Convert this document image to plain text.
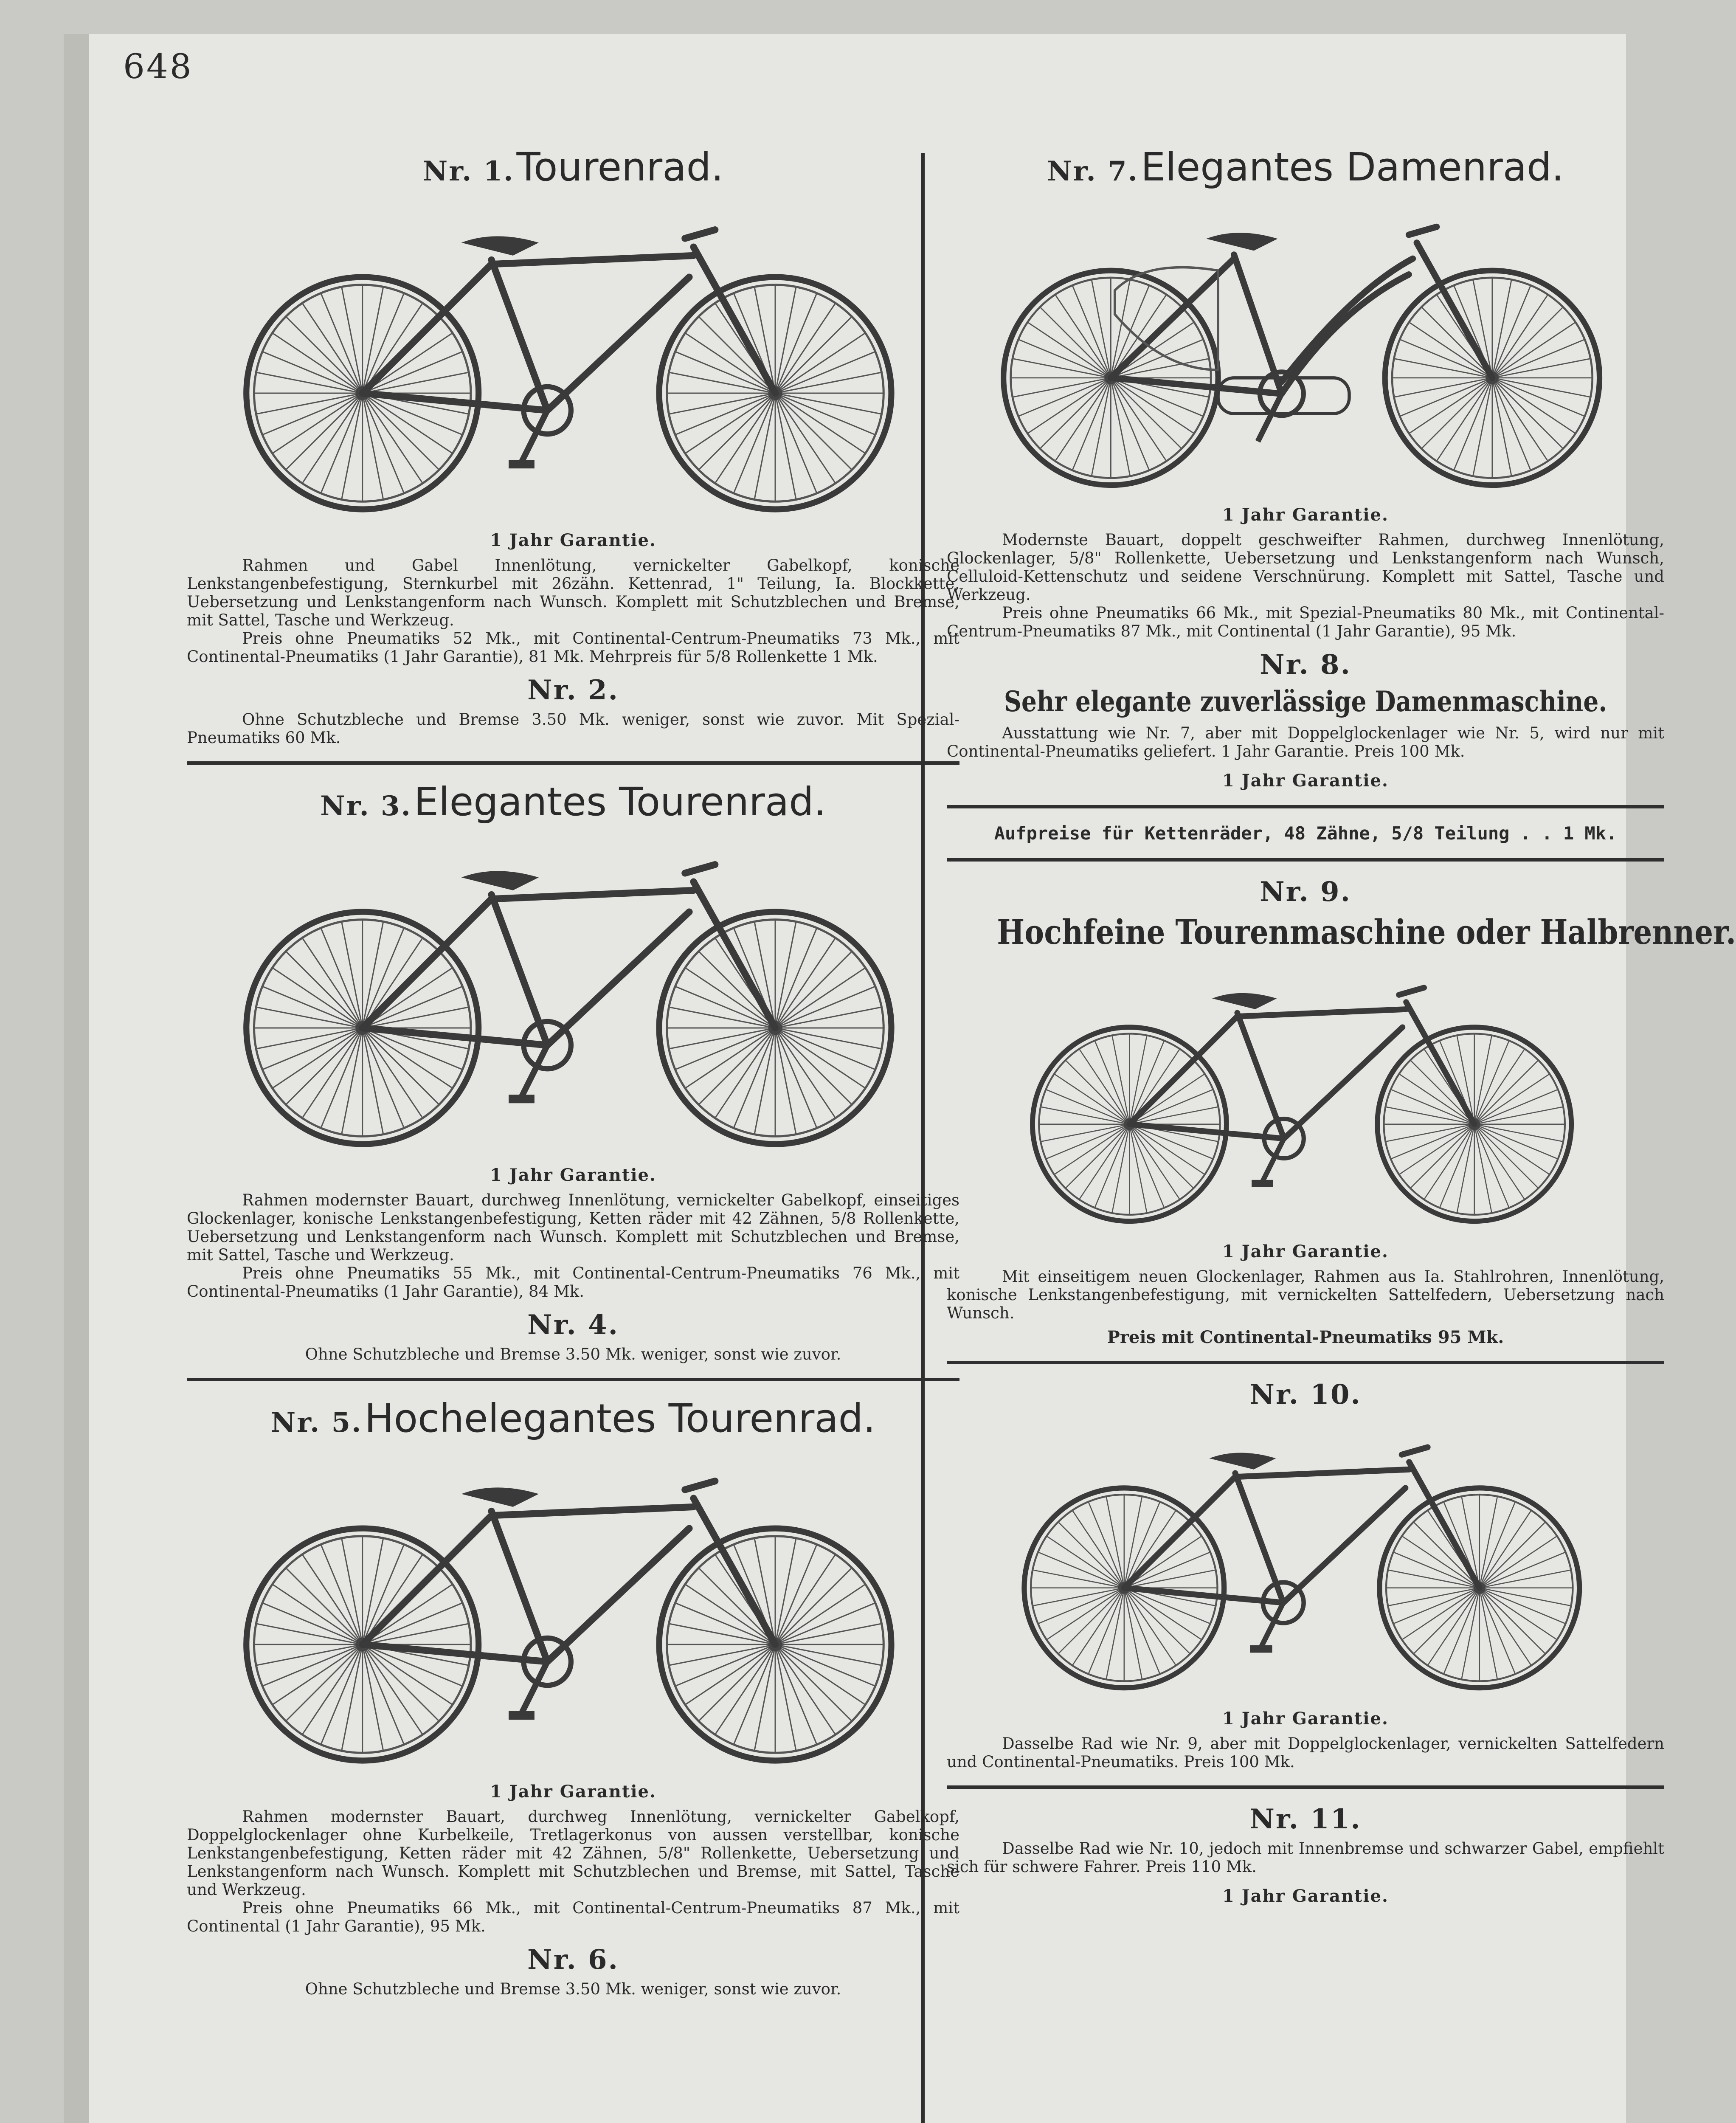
648
Nr. 1. Tourenrad.
1 Jahr Garantie.

Rahmen und Gabel Innenlötung, vernickelter Gabelkopf, konische Lenkstangenbefestigung, Sternkurbel mit 26zähn. Kettenrad, 1" Teilung, Ia. Blockkette, Uebersetzung und Lenkstangenform nach Wunsch. Komplett mit Schutzblechen und Bremse, mit Sattel, Tasche und Werkzeug.

Preis ohne Pneumatiks 52 Mk., mit Continental-Centrum-Pneumatiks 73 Mk., mit Continental-Pneumatiks (1 Jahr Garantie), 81 Mk. Mehrpreis für 5/8 Rollenkette 1 Mk.

Nr. 2.

Ohne Schutzbleche und Bremse 3.50 Mk. weniger, sonst wie zuvor. Mit Spezial-Pneumatiks 60 Mk.

Nr. 3. Elegantes Tourenrad.
1 Jahr Garantie.

Rahmen modernster Bauart, durchweg Innenlötung, vernickelter Gabelkopf, einseitiges Glockenlager, konische Lenkstangenbefestigung, Ketten räder mit 42 Zähnen, 5/8 Rollenkette, Uebersetzung und Lenkstangenform nach Wunsch. Komplett mit Schutzblechen und Bremse, mit Sattel, Tasche und Werkzeug.

Preis ohne Pneumatiks 55 Mk., mit Continental-Centrum-Pneumatiks 76 Mk., mit Continental-Pneumatiks (1 Jahr Garantie), 84 Mk.

Nr. 4.

Ohne Schutzbleche und Bremse 3.50 Mk. weniger, sonst wie zuvor.

Nr. 5. Hochelegantes Tourenrad.
1 Jahr Garantie.

Rahmen modernster Bauart, durchweg Innenlötung, vernickelter Gabelkopf, Doppelglockenlager ohne Kurbelkeile, Tretlagerkonus von aussen verstellbar, konische Lenkstangenbefestigung, Ketten räder mit 42 Zähnen, 5/8" Rollenkette, Uebersetzung und Lenkstangenform nach Wunsch. Komplett mit Schutzblechen und Bremse, mit Sattel, Tasche und Werkzeug.

Preis ohne Pneumatiks 66 Mk., mit Continental-Centrum-Pneumatiks 87 Mk., mit Continental (1 Jahr Garantie), 95 Mk.

Nr. 6.

Ohne Schutzbleche und Bremse 3.50 Mk. weniger, sonst wie zuvor.

Nr. 7. Elegantes Damenrad.
1 Jahr Garantie.

Modernste Bauart, doppelt geschweifter Rahmen, durchweg Innenlötung, Glockenlager, 5/8" Rollenkette, Uebersetzung und Lenkstangenform nach Wunsch, Celluloid-Kettenschutz und seidene Verschnürung. Komplett mit Sattel, Tasche und Werkzeug.

Preis ohne Pneumatiks 66 Mk., mit Spezial-Pneumatiks 80 Mk., mit Continental-Centrum-Pneumatiks 87 Mk., mit Continental (1 Jahr Garantie), 95 Mk.

Nr. 8.
Sehr elegante zuverlässige Damenmaschine.

Ausstattung wie Nr. 7, aber mit Doppelglockenlager wie Nr. 5, wird nur mit Continental-Pneumatiks geliefert. 1 Jahr Garantie. Preis 100 Mk.

1 Jahr Garantie.
Aufpreise für Kettenräder, 48 Zähne, 5/8 Teilung . . 1 Mk.
Nr. 9.
Hochfeine Tourenmaschine oder Halbrenner.
1 Jahr Garantie.

Mit einseitigem neuen Glockenlager, Rahmen aus Ia. Stahlrohren, Innenlötung, konische Lenkstangenbefestigung, mit vernickelten Sattelfedern, Uebersetzung nach Wunsch.

Preis mit Continental-Pneumatiks 95 Mk.

Nr. 10.
1 Jahr Garantie.

Dasselbe Rad wie Nr. 9, aber mit Doppelglockenlager, vernickelten Sattelfedern und Continental-Pneumatiks. Preis 100 Mk.

Nr. 11.

Dasselbe Rad wie Nr. 10, jedoch mit Innenbremse und schwarzer Gabel, empfiehlt sich für schwere Fahrer. Preis 110 Mk.

1 Jahr Garantie.
